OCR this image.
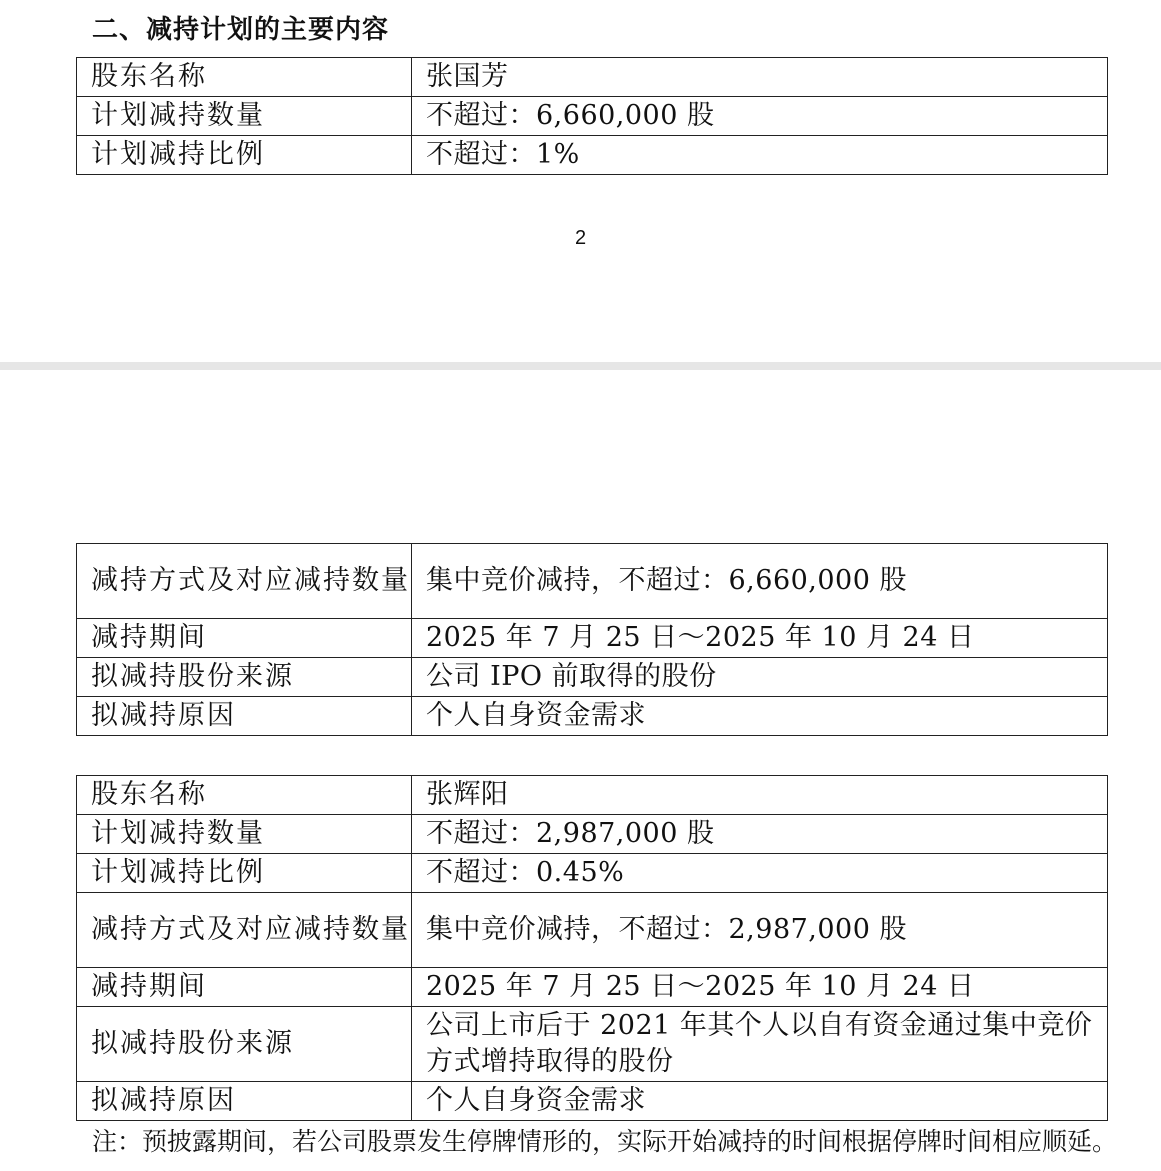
二、减持计划的主要内容
股东名称	张国芳
计划减持数量	不超过：6,660,000 股
计划减持比例	不超过：1%
2
减持方式及对应减持数量	集中竞价减持，不超过：6,660,000 股
减持期间	2025 年 7 月 25 日～2025 年 10 月 24 日
拟减持股份来源	公司 IPO 前取得的股份
拟减持原因	个人自身资金需求
股东名称	张辉阳
计划减持数量	不超过：2,987,000 股
计划减持比例	不超过：0.45%
减持方式及对应减持数量	集中竞价减持，不超过：2,987,000 股
减持期间	2025 年 7 月 25 日～2025 年 10 月 24 日
拟减持股份来源	公司上市后于 2021 年其个人以自有资金通过集中竞价方式增持取得的股份
拟减持原因	个人自身资金需求
注：预披露期间，若公司股票发生停牌情形的，实际开始减持的时间根据停牌时间相应顺延。
